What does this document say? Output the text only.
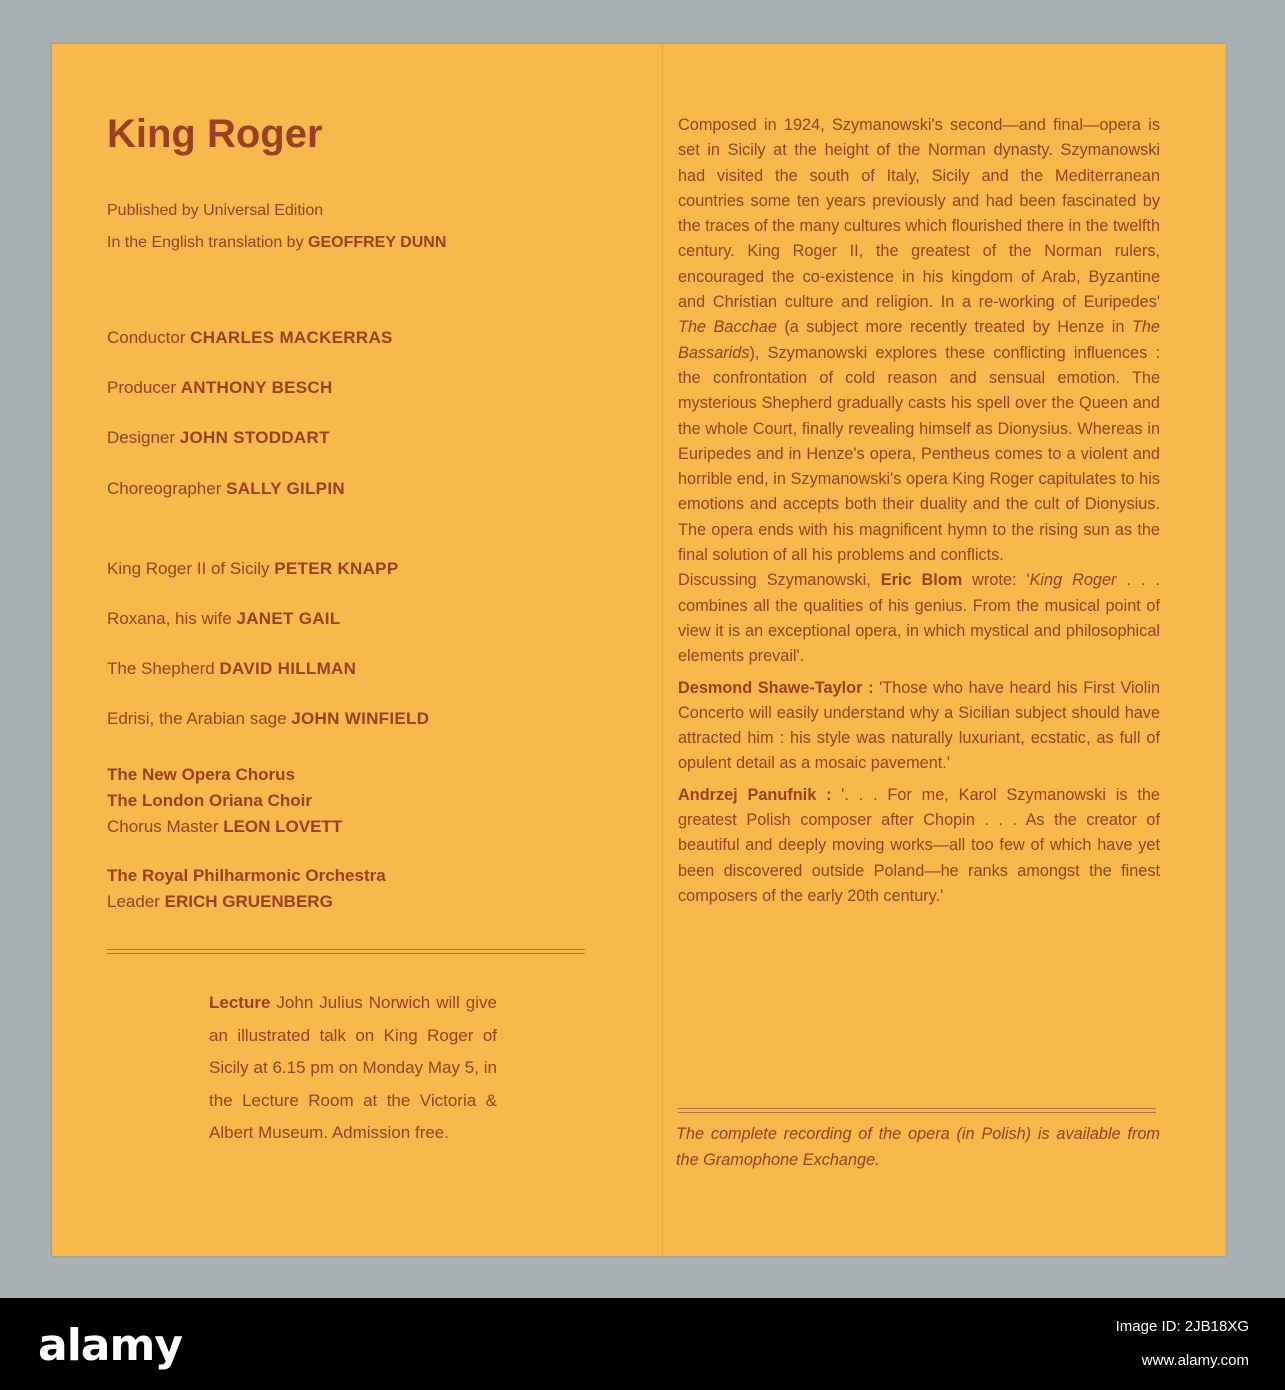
King Roger
Published by Universal Edition
In the English translation by GEOFFREY DUNN
Conductor CHARLES MACKERRAS
Producer ANTHONY BESCH
Designer JOHN STODDART
Choreographer SALLY GILPIN
King Roger II of Sicily PETER KNAPP
Roxana, his wife JANET GAIL
The Shepherd DAVID HILLMAN
Edrisi, the Arabian sage JOHN WINFIELD
The New Opera Chorus
The London Oriana Choir
Chorus Master LEON LOVETT
The Royal Philharmonic Orchestra
Leader ERICH GRUENBERG
Lecture John Julius Norwich will give an illustrated talk on King Roger of Sicily at 6.15 pm on Monday May 5, in the Lecture Room at the Victoria & Albert Museum. Admission free.

Composed in 1924, Szymanowski's second—and final—opera is set in Sicily at the height of the Norman dynasty. Szymanowski had visited the south of Italy, Sicily and the Mediterranean countries some ten years previously and had been fascinated by the traces of the many cultures which flourished there in the twelfth century. King Roger II, the greatest of the Norman rulers, encouraged the co-existence in his kingdom of Arab, Byzantine and Christian culture and religion. In a re-working of Euripedes' The Bacchae (a subject more recently treated by Henze in The Bassarids), Szymanowski explores these conflicting influences : the confrontation of cold reason and sensual emotion. The mysterious Shepherd gradually casts his spell over the Queen and the whole Court, finally revealing himself as Dionysius. Whereas in Euripedes and in Henze's opera, Pentheus comes to a violent and horrible end, in Szymanowski's opera King Roger capitulates to his emotions and accepts both their duality and the cult of Dionysius. The opera ends with his magnificent hymn to the rising sun as the final solution of all his problems and conflicts.

Discussing Szymanowski, Eric Blom wrote: 'King Roger . . . combines all the qualities of his genius. From the musical point of view it is an exceptional opera, in which mystical and philosophical elements prevail'.

Desmond Shawe-Taylor : 'Those who have heard his First Violin Concerto will easily understand why a Sicilian subject should have attracted him : his style was naturally luxuriant, ecstatic, as full of opulent detail as a mosaic pavement.'

Andrzej Panufnik : '. . . For me, Karol Szymanowski is the greatest Polish composer after Chopin . . . As the creator of beautiful and deeply moving works—all too few of which have yet been discovered outside Poland—he ranks amongst the finest composers of the early 20th century.'

The complete recording of the opera (in Polish) is available from the Gramophone Exchange.
alamy	Image ID: 2JB18XG
www.alamy.com
